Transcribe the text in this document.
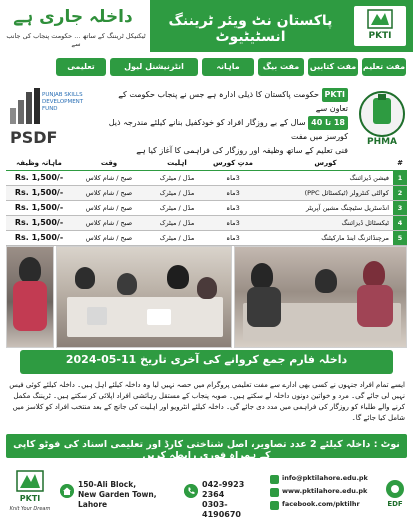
داخلہ جاری ہے
ٹیکنیکل ٹریننگ کے ساتھ ... حکومت پنجاب کی جانب سے
پاکستان نٹ ویئر ٹریننگ انسٹیٹیوٹ	PKTI
مفت تعلیم
مفت کتابیں
مفت بیگ
ماہانہ وظیفہ
انٹرنیشنل لیول سرٹیفکیٹ
تعلیمی ملازمت
PUNJAB SKILLS DEVELOPMENT FUND
PSDF
PKTI حکومت پاکستان کا ذیلی ادارہ ہے جس نے پنجاب حکومت کے تعاون سے
18 تا 40 سال کے بے روزگار افراد کو خودکفیل بنانے کیلئے مندرجہ ذیل کورسز میں مفت
فنی تعلیم کے ساتھ وظیفہ اور روزگار کی فراہمی کا آغاز کیا ہے
PHMA
ماہانہ وظیفہ	وقت	اہلیت	مدتِ کورس	کورس	#
Rs. 1,500/-	صبح / شام کلاس	مڈل / میٹرک	3ماہ	فیشن ڈیزائننگ	1
Rs. 1,500/-	صبح / شام کلاس	مڈل / میٹرک	3ماہ	کوالٹی کنٹرولر (ٹیکسٹائل PPC)	2
Rs. 1,500/-	صبح / شام کلاس	مڈل / میٹرک	3ماہ	انڈسٹریل سٹیچنگ مشین آپریٹر	3
Rs. 1,500/-	صبح / شام کلاس	مڈل / میٹرک	3ماہ	ٹیکسٹائل ڈیزائننگ	4
Rs. 1,500/-	صبح / شام کلاس	مڈل / میٹرک	3ماہ	مرچنڈائزنگ اینڈ مارکیٹنگ	5
داخلہ فارم جمع کروانے کی آخری تاریخ 11-05-2024
ایسے تمام افراد جنہوں نے کسی بھی ادارے سے مفت تعلیمی پروگرام میں حصہ نہیں لیا وہ داخلہ کیلئے اہل ہیں۔ داخلہ کیلئے کوئی فیس نہیں لی جائے گی۔ مرد و خواتین دونوں داخلہ لے سکتے ہیں۔ صوبہ پنجاب کے مستقل رہائشی افراد اپلائی کر سکتے ہیں۔ ٹریننگ مکمل کرنے والے طلباء کو روزگار کی فراہمی میں مدد دی جائے گی۔ داخلہ کیلئے انٹرویو اور اہلیت کی جانچ کے بعد منتخب افراد کو کلاسز میں شامل کیا جائے گا۔
نوٹ : داخلہ کیلئے 2 عدد تصاویر، اصل شناختی کارڈ اور تعلیمی اسناد کی فوٹو کاپی کے ہمراہ فوری رابطہ کریں
PKTI
Knit Your Dream
150-Ali Block,
New Garden Town, Lahore
042-9923 2364
0303-4190670
info@pktilahore.edu.pk
www.pktilahore.edu.pk
facebook.com/pktilhr	EDF
